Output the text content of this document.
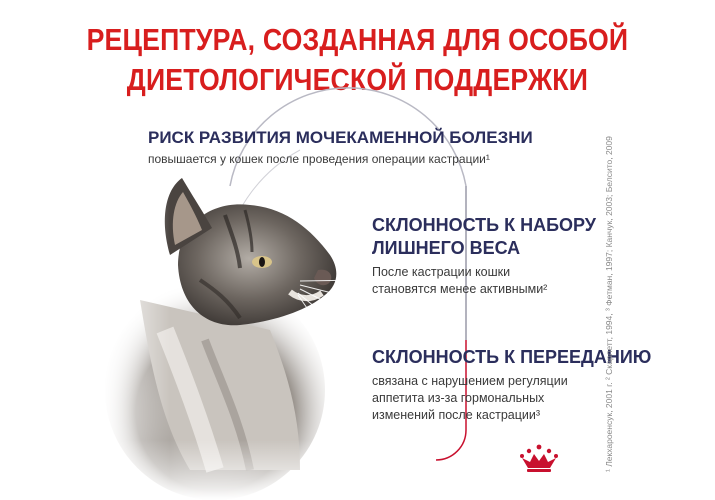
РЕЦЕПТУРА, СОЗДАННАЯ ДЛЯ ОСОБОЙ
ДИЕТОЛОГИЧЕСКОЙ ПОДДЕРЖКИ
РИСК РАЗВИТИЯ МОЧЕКАМЕННОЙ БОЛЕЗНИ
повышается у кошек после проведения операции кастрации¹
СКЛОННОСТЬ К НАБОРУ
ЛИШНЕГО ВЕСА
После кастрации кошки
становятся менее активными²
СКЛОННОСТЬ К ПЕРЕЕДАНИЮ
связана с нарушением регуляции
аппетита из-за гормональных
изменений после кастрации³	¹ Лекхароенсук, 2001 г. ² Скарлетт, 1994, ³ Фетман, 1997; Канчук, 2003; Белсито, 2009
